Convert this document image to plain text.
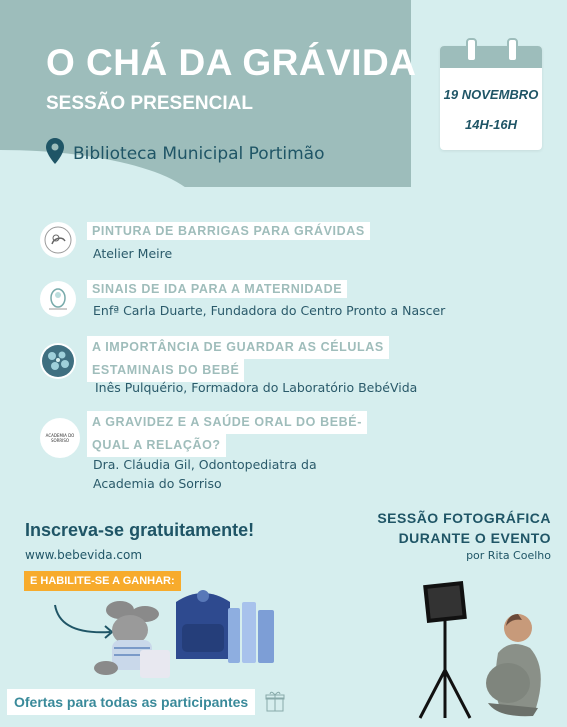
O CHÁ DA GRÁVIDA
SESSÃO PRESENCIAL
Biblioteca Municipal Portimão
19 NOVEMBRO
14H-16H
PINTURA DE BARRIGAS PARA GRÁVIDAS
Atelier Meire
SINAIS DE IDA PARA A MATERNIDADE
Enfª Carla Duarte, Fundadora do Centro Pronto a Nascer
A IMPORTÂNCIA DE GUARDAR AS CÉLULAS
ESTAMINAIS DO BEBÉ
Inês Pulquério, Formadora do Laboratório BebéVida
ACADEMIA DO SORRISO
A GRAVIDEZ E A SAÚDE ORAL DO BEBÉ-
QUAL A RELAÇÃO?
Dra. Cláudia Gil, Odontopediatra da
Academia do Sorriso
Inscreva-se gratuitamente!
www.bebevida.com
E HABILITE-SE A GANHAR:
Ofertas para todas as participantes
SESSÃO FOTOGRÁFICA
DURANTE O EVENTO
por Rita Coelho
